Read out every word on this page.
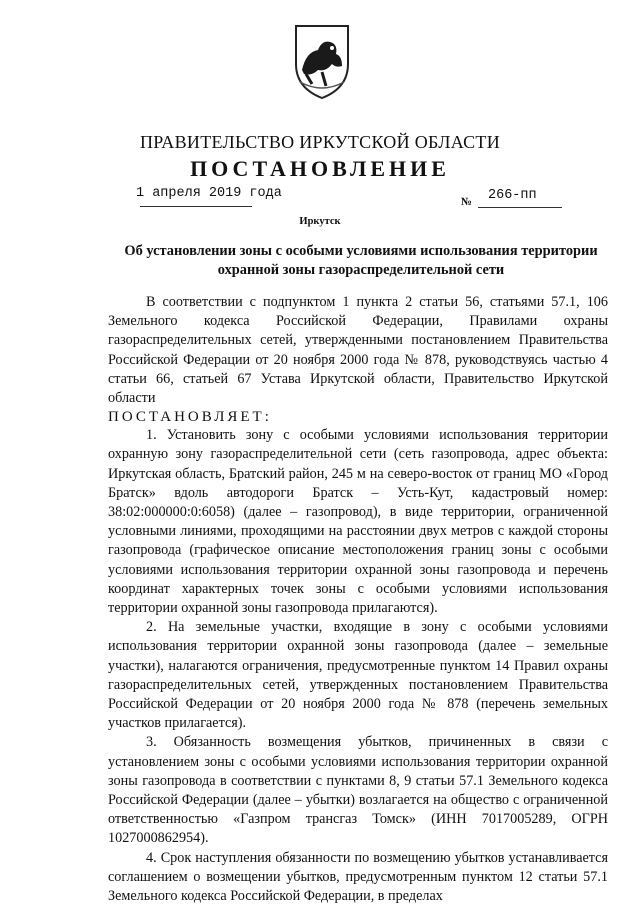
ПРАВИТЕЛЬСТВО ИРКУТСКОЙ ОБЛАСТИ
ПОСТАНОВЛЕНИЕ
1 апреля 2019 года
№ 266-пп
Иркутск
Об установлении зоны с особыми условиями использования территории охранной зоны газораспределительной сети

В соответствии с подпунктом 1 пункта 2 статьи 56, статьями 57.1, 106 Земельного кодекса Российской Федерации, Правилами охраны газораспределительных сетей, утвержденными постановлением Правительства Российской Федерации от 20 ноября 2000 года № 878, руководствуясь частью 4 статьи 66, статьей 67 Устава Иркутской области, Правительство Иркутской области

ПОСТАНОВЛЯЕТ:

1. Установить зону с особыми условиями использования территории охранную зону газораспределительной сети (сеть газопровода, адрес объекта: Иркутская область, Братский район, 245 м на северо-восток от границ МО «Город Братск» вдоль автодороги Братск – Усть-Кут, кадастровый номер: 38:02:000000:0:6058) (далее – газопровод), в виде территории, ограниченной условными линиями, проходящими на расстоянии двух метров с каждой стороны газопровода (графическое описание местоположения границ зоны с особыми условиями использования территории охранной зоны газопровода и перечень координат характерных точек зоны с особыми условиями использования территории охранной зоны газопровода прилагаются).

2. На земельные участки, входящие в зону с особыми условиями использования территории охранной зоны газопровода (далее – земельные участки), налагаются ограничения, предусмотренные пунктом 14 Правил охраны газораспределительных сетей, утвержденных постановлением Правительства Российской Федерации от 20 ноября 2000 года № 878 (перечень земельных участков прилагается).

3. Обязанность возмещения убытков, причиненных в связи с установлением зоны с особыми условиями использования территории охранной зоны газопровода в соответствии с пунктами 8, 9 статьи 57.1 Земельного кодекса Российской Федерации (далее – убытки) возлагается на общество с ограниченной ответственностью «Газпром трансгаз Томск» (ИНН 7017005289, ОГРН 1027000862954).

4. Срок наступления обязанности по возмещению убытков устанавливается соглашением о возмещении убытков, предусмотренным пунктом 12 статьи 57.1 Земельного кодекса Российской Федерации, в пределах
